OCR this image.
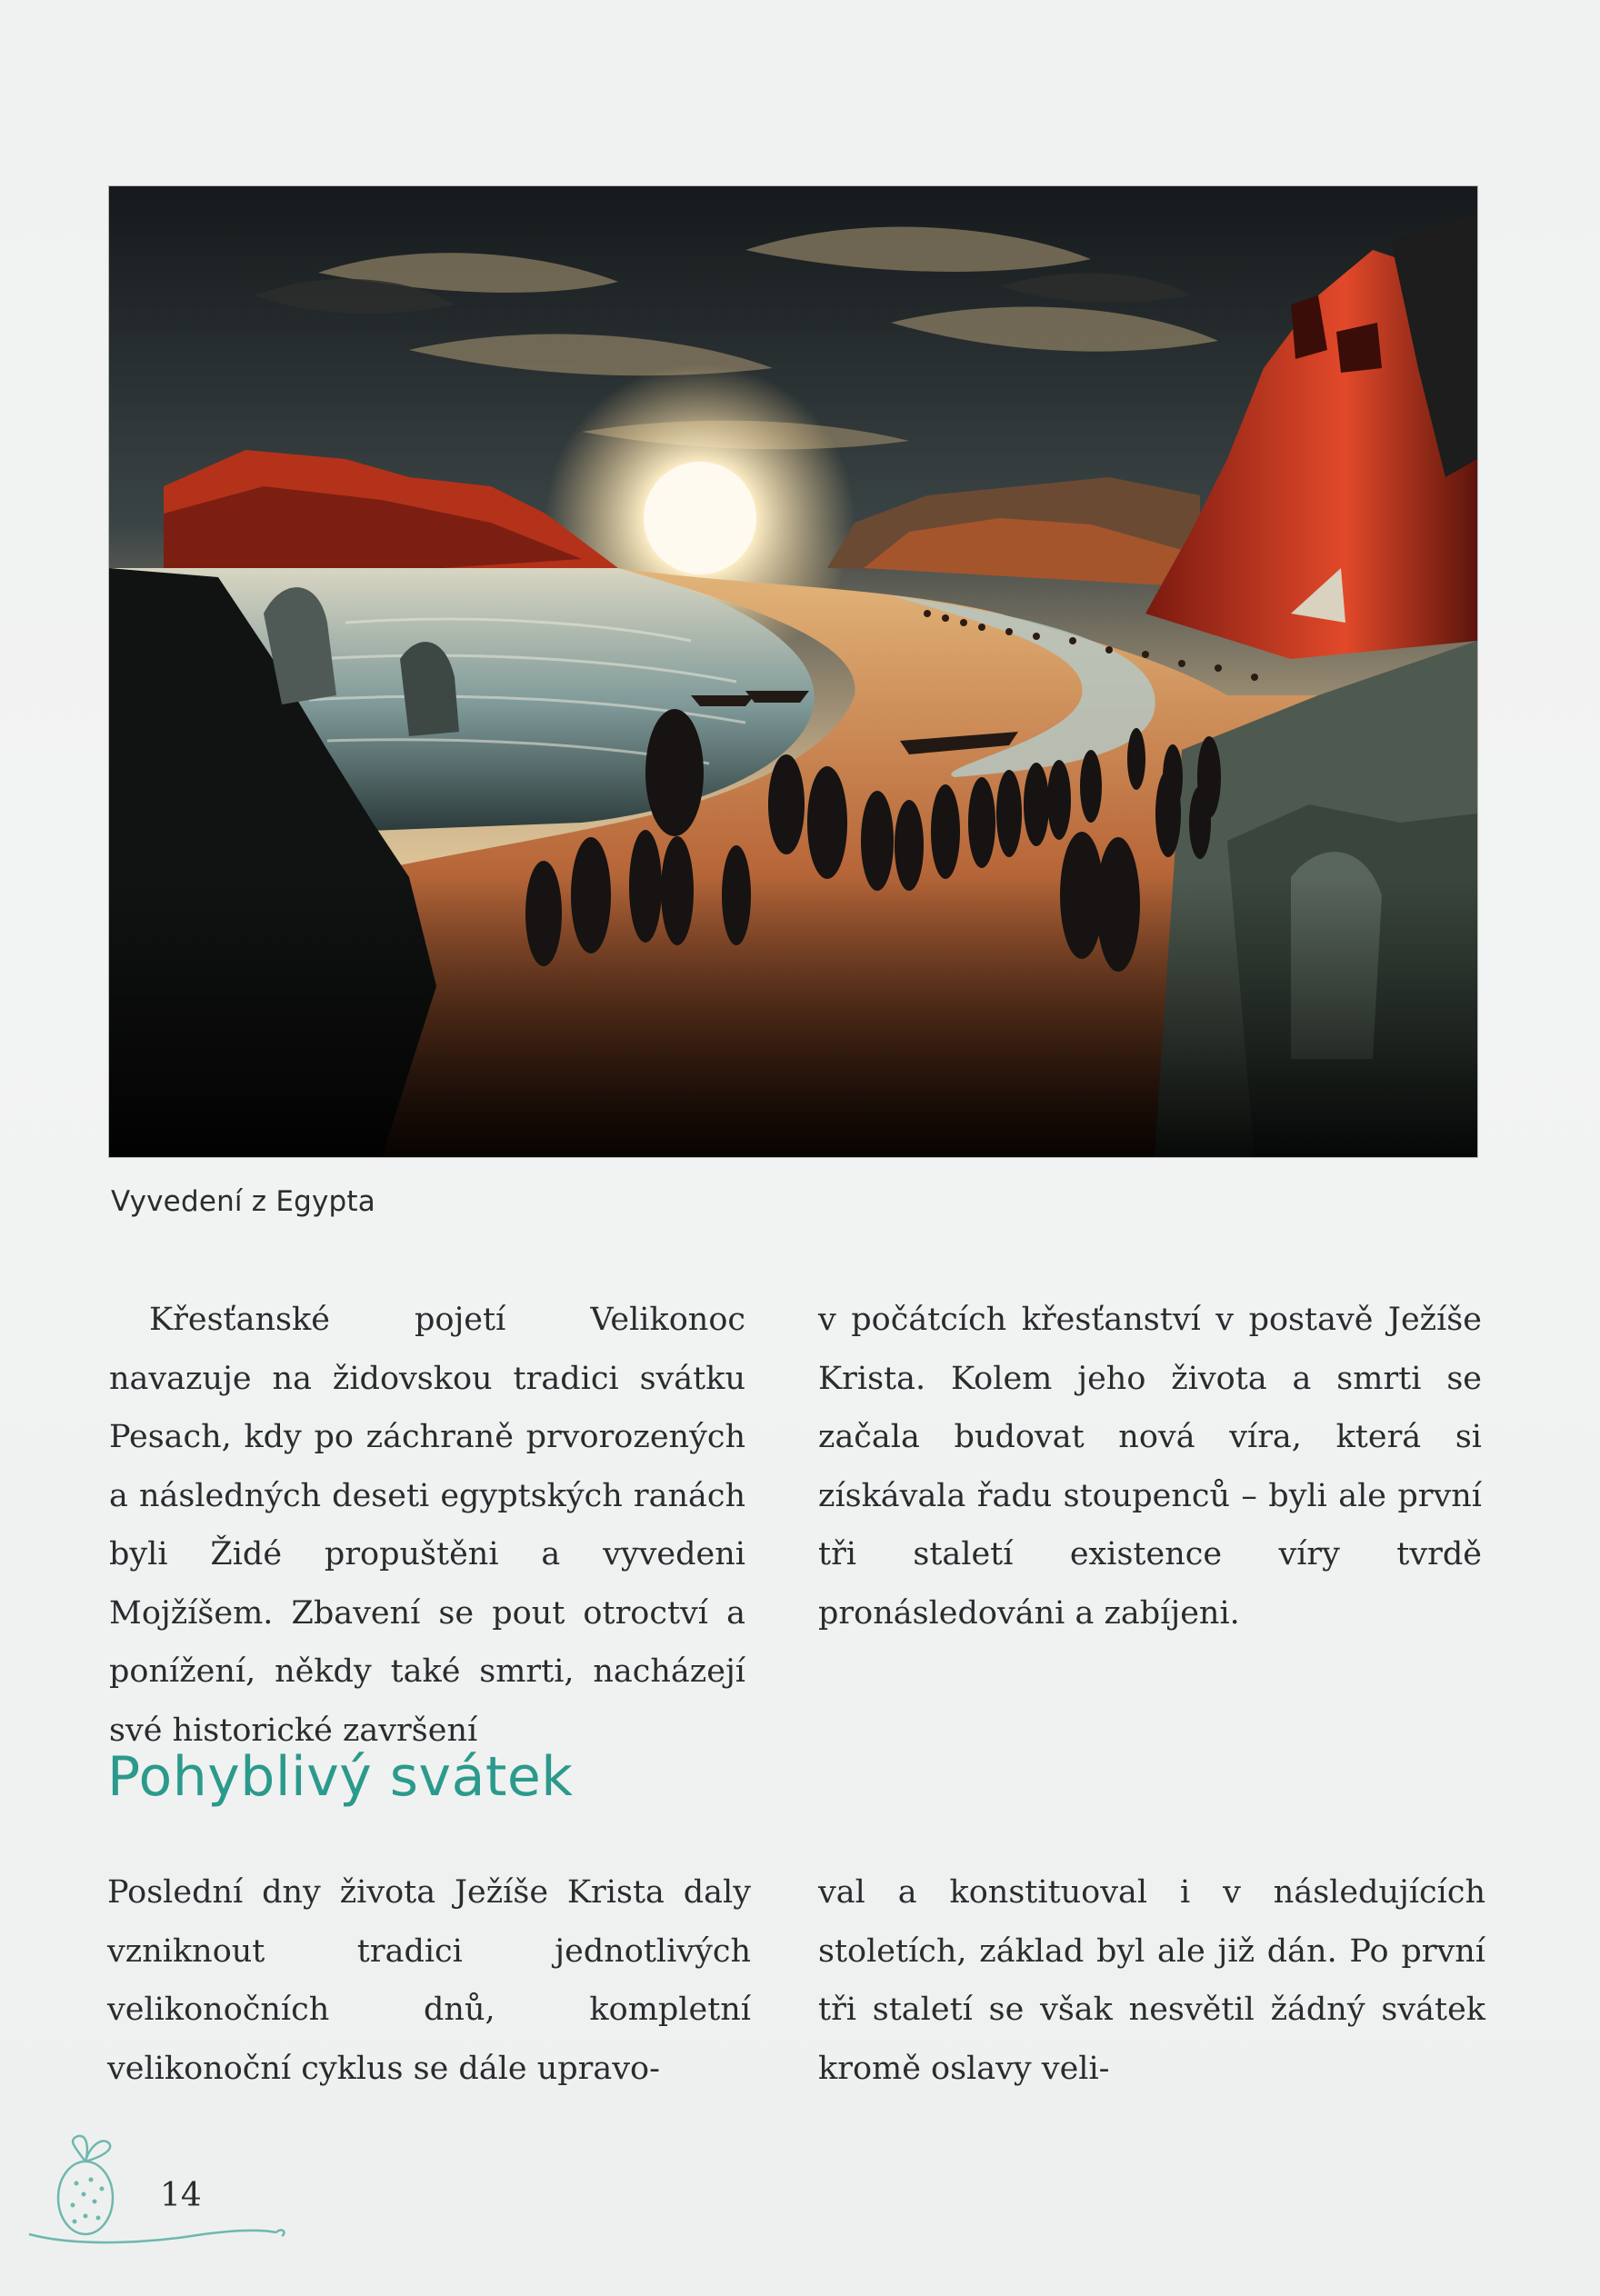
Vyvedení z Egypta

Křesťanské pojetí Velikonoc navazuje na židovskou tradici svátku Pesach, kdy po záchraně prvorozených a následných deseti egyptských ranách byli Židé propuštěni a vyvedeni Mojžíšem. Zbavení se pout otroctví a ponížení, někdy také smrti, nacházejí své historické završení

v počátcích křesťanství v postavě Ježíše Krista. Kolem jeho života a smrti se začala budovat nová víra, která si získávala řadu stoupenců – byli ale první tři staletí existence víry tvrdě pronásledováni a zabíjeni.

Pohyblivý svátek

Poslední dny života Ježíše Krista daly vzniknout tradici jednotlivých velikonočních dnů, kompletní velikonoční cyklus se dále upravo-

val a konstituoval i v následujících stoletích, základ byl ale již dán. Po první tři staletí se však nesvětil žádný svátek kromě oslavy veli-

14
